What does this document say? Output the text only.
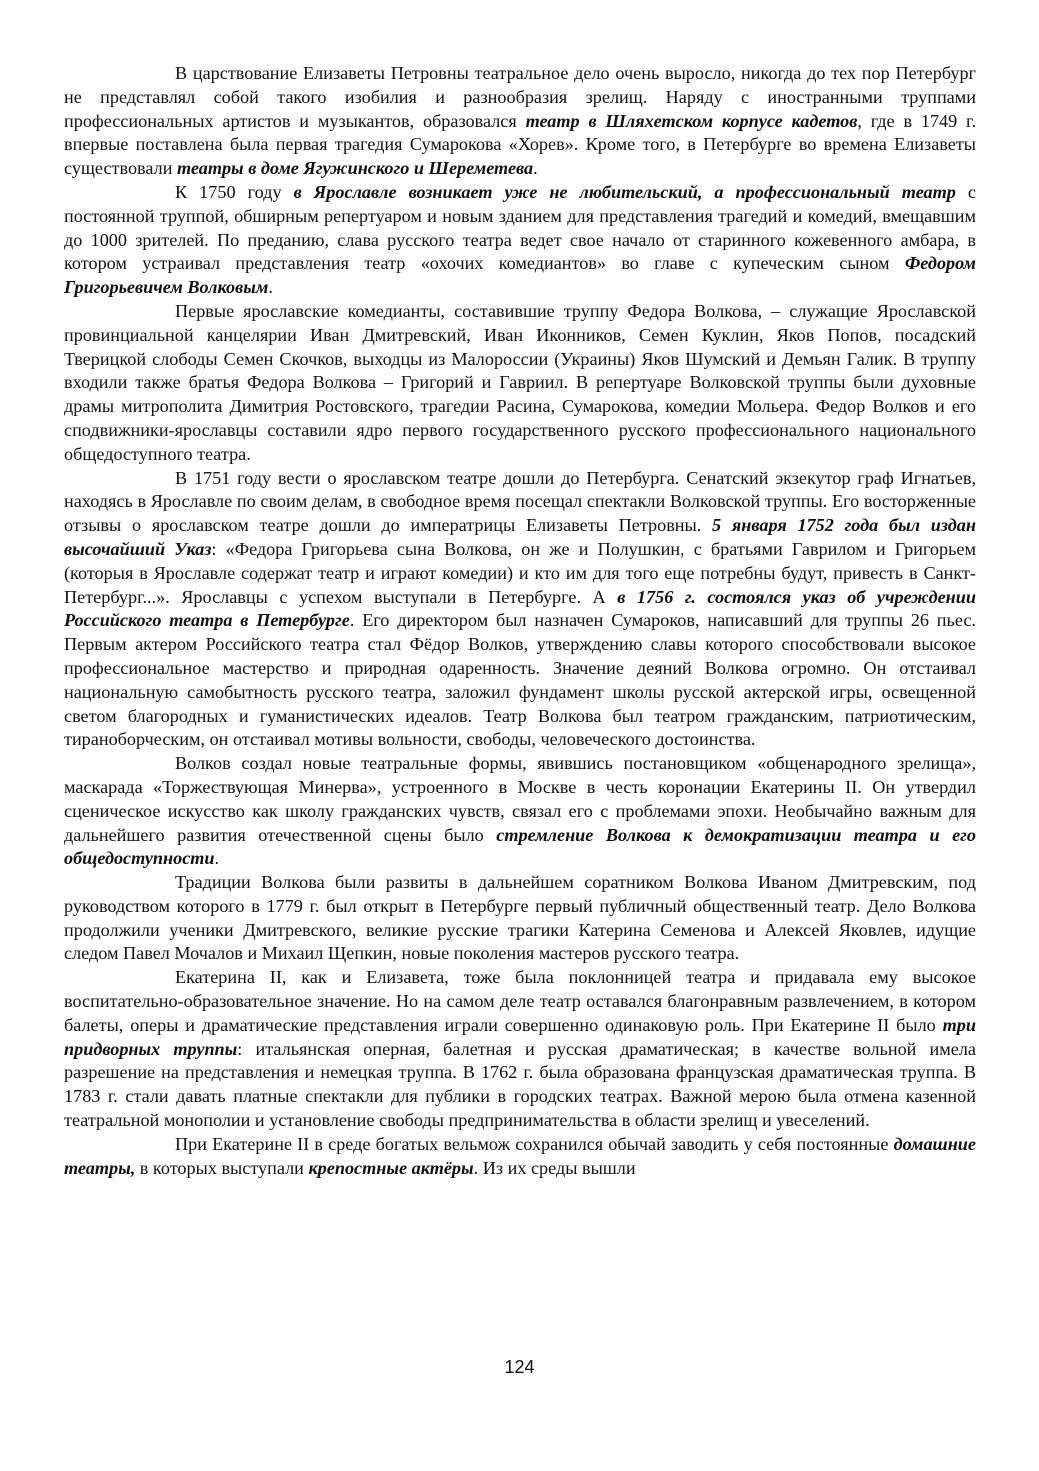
В царствование Елизаветы Петровны театральное дело очень выросло, никогда до тех пор Петербург не представлял собой такого изобилия и разнообразия зрелищ. Наряду с иностранными труппами профессиональных артистов и музыкантов, образовался театр в Шляхетском корпусе кадетов, где в 1749 г. впервые поставлена была первая трагедия Сумарокова «Хорев». Кроме того, в Петербурге во времена Елизаветы существовали театры в доме Ягужинского и Шереметева.

К 1750 году в Ярославле возникает уже не любительский, а профессиональный театр с постоянной труппой, обширным репертуаром и новым зданием для представления трагедий и комедий, вмещавшим до 1000 зрителей. По преданию, слава русского театра ведет свое начало от старинного кожевенного амбара, в котором устраивал представления театр «охочих комедиантов» во главе с купеческим сыном Федором Григорьевичем Волковым.

Первые ярославские комедианты, составившие труппу Федора Волкова, – служащие Ярославской провинциальной канцелярии Иван Дмитревский, Иван Иконников, Семен Куклин, Яков Попов, посадский Тверицкой слободы Семен Скочков, выходцы из Малороссии (Украины) Яков Шумский и Демьян Галик. В труппу входили также братья Федора Волкова – Григорий и Гавриил. В репертуаре Волковской труппы были духовные драмы митрополита Димитрия Ростовского, трагедии Расина, Сумарокова, комедии Мольера. Федор Волков и его сподвижники-ярославцы составили ядро первого государственного русского профессионального национального общедоступного театра.

В 1751 году вести о ярославском театре дошли до Петербурга. Сенатский экзекутор граф Игнатьев, находясь в Ярославле по своим делам, в свободное время посещал спектакли Волковской труппы. Его восторженные отзывы о ярославском театре дошли до императрицы Елизаветы Петровны. 5 января 1752 года был издан высочайший Указ: «Федора Григорьева сына Волкова, он же и Полушкин, с братьями Гаврилом и Григорьем (которыя в Ярославле содержат театр и играют комедии) и кто им для того еще потребны будут, привесть в Санкт-Петербург...». Ярославцы с успехом выступали в Петербурге. А в 1756 г. состоялся указ об учреждении Российского театра в Петербурге. Его директором был назначен Сумароков, написавший для труппы 26 пьес. Первым актером Российского театра стал Фёдор Волков, утверждению славы которого способствовали высокое профессиональное мастерство и природная одаренность. Значение деяний Волкова огромно. Он отстаивал национальную самобытность русского театра, заложил фундамент школы русской актерской игры, освещенной светом благородных и гуманистических идеалов. Театр Волкова был театром гражданским, патриотическим, тираноборческим, он отстаивал мотивы вольности, свободы, человеческого достоинства.

Волков создал новые театральные формы, явившись постановщиком «общенародного зрелища», маскарада «Торжествующая Минерва», устроенного в Москве в честь коронации Екатерины II. Он утвердил сценическое искусство как школу гражданских чувств, связал его с проблемами эпохи. Необычайно важным для дальнейшего развития отечественной сцены было стремление Волкова к демократизации театра и его общедоступности.

Традиции Волкова были развиты в дальнейшем соратником Волкова Иваном Дмитревским, под руководством которого в 1779 г. был открыт в Петербурге первый публичный общественный театр. Дело Волкова продолжили ученики Дмитревского, великие русские трагики Катерина Семенова и Алексей Яковлев, идущие следом Павел Мочалов и Михаил Щепкин, новые поколения мастеров русского театра.

Екатерина II, как и Елизавета, тоже была поклонницей театра и придавала ему высокое воспитательно-образовательное значение. Но на самом деле театр оставался благонравным развлечением, в котором балеты, оперы и драматические представления играли совершенно одинаковую роль. При Екатерине II было три придворных труппы: итальянская оперная, балетная и русская драматическая; в качестве вольной имела разрешение на представления и немецкая труппа. В 1762 г. была образована французская драматическая труппа. В 1783 г. стали давать платные спектакли для публики в городских театрах. Важной мерою была отмена казенной театральной монополии и установление свободы предпринимательства в области зрелищ и увеселений.

При Екатерине II в среде богатых вельмож сохранился обычай заводить у себя постоянные домашние театры, в которых выступали крепостные актёры. Из их среды вышли

124
